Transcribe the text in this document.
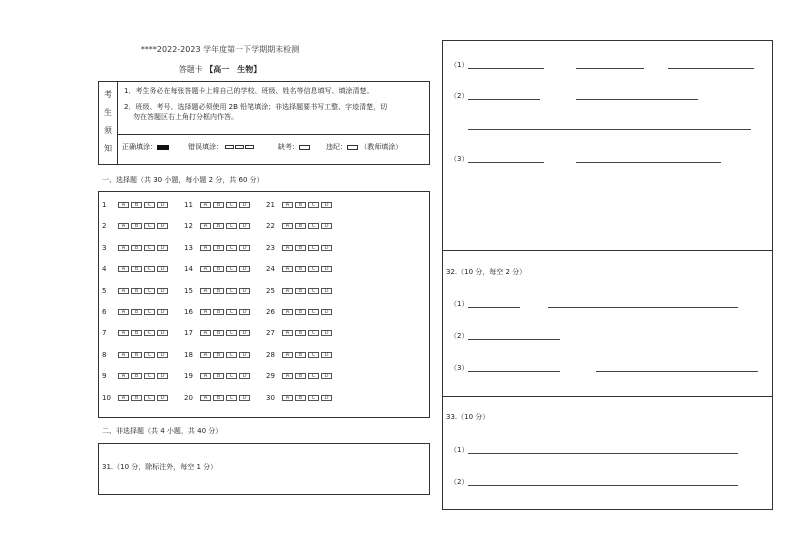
****2022-2023 学年度第一下学期期末检测
答题卡 【高一　生物】
考
生
须
知
1．考生务必在每张答题卡上将自己的学校、班级、姓名等信息填写、填涂清楚。
2．班级、考号、选择题必须使用 2B 铅笔填涂；非选择题要书写工整、字迹清楚，切
勿在答题区右上角打分框内作答。
正确填涂：	错误填涂：	缺考：	违纪： （教师填涂）
一、选择题（共 30 小题，每小题 2 分，共 60 分）
1	A	B	C	D
2	A	B	C	D
3	A	B	C	D
4	A	B	C	D
5	A	B	C	D
6	A	B	C	D
7	A	B	C	D
8	A	B	C	D
9	A	B	C	D
10	A	B	C	D
11	A	B	C	D
12	A	B	C	D
13	A	B	C	D
14	A	B	C	D
15	A	B	C	D
16	A	B	C	D
17	A	B	C	D
18	A	B	C	D
19	A	B	C	D
20	A	B	C	D
21	A	B	C	D
22	A	B	C	D
23	A	B	C	D
24	A	B	C	D
25	A	B	C	D
26	A	B	C	D
27	A	B	C	D
28	A	B	C	D
29	A	B	C	D
30	A	B	C	D
二、非选择题（共 4 小题，共 40 分）
31.（10 分，除标注外，每空 1 分）
（1）
（2）
（3）
32.（10 分，每空 2 分）
（1）
（2）
（3）
33.（10 分）
（1）
（2）
